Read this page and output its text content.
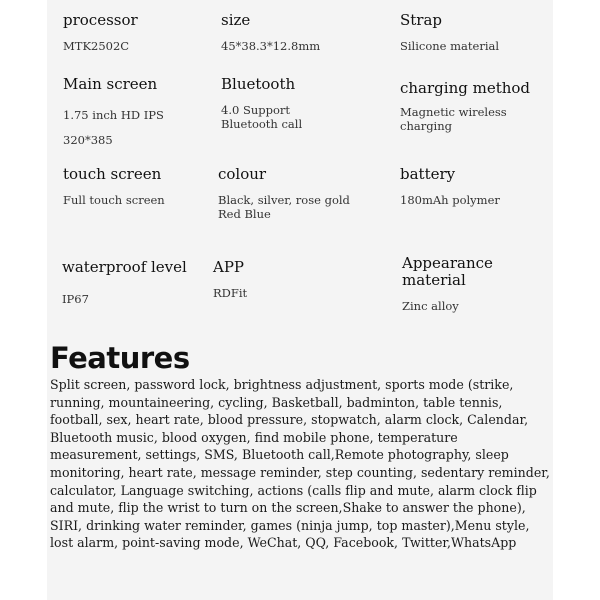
processor
MTK2502C
size
45*38.3*12.8mm
Strap
Silicone material
Main screen
1.75 inch HD IPS
320*385
Bluetooth
4.0 Support
Bluetooth call
charging method
Magnetic wireless
charging
touch screen
Full touch screen
colour
Black, silver, rose gold
Red Blue
battery
180mAh polymer
waterproof level
IP67
APP
RDFit
Appearance
material
Zinc alloy
Features
Split screen, password lock, brightness adjustment, sports mode (strike, running, mountaineering, cycling, Basketball, badminton, table tennis, football, sex, heart rate, blood pressure, stopwatch, alarm clock, Calendar, Bluetooth music, blood oxygen, find mobile phone, temperature measurement, settings, SMS, Bluetooth call,Remote photography, sleep monitoring, heart rate, message reminder, step counting, sedentary reminder, calculator, Language switching, actions (calls flip and mute, alarm clock flip and mute, flip the wrist to turn on the screen,Shake to answer the phone), SIRI, drinking water reminder, games (ninja jump, top master),Menu style, lost alarm, point-saving mode, WeChat, QQ, Facebook, Twitter,WhatsApp
